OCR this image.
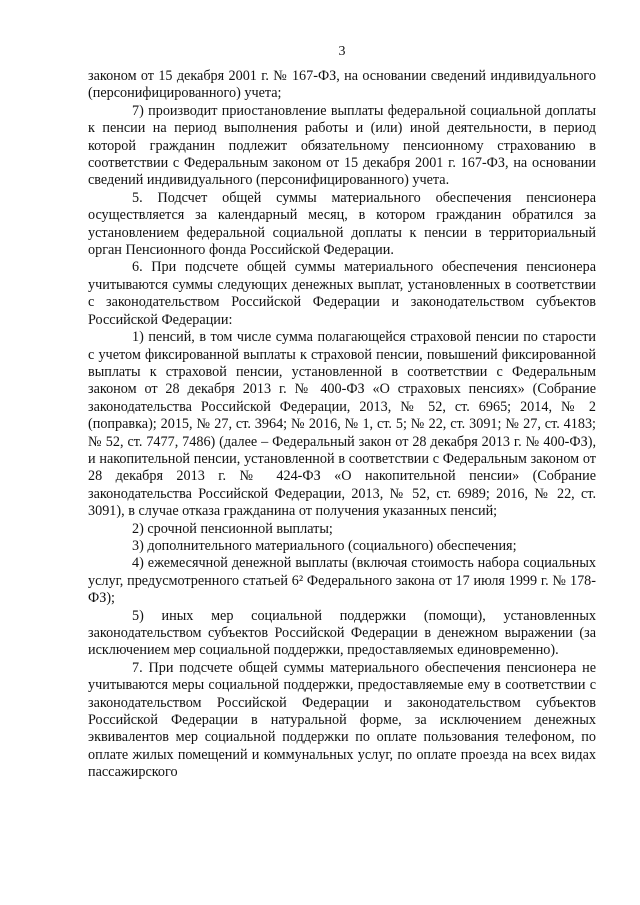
3

законом от 15 декабря 2001 г. № 167-ФЗ, на основании сведений индивидуального (персонифицированного) учета;

7) производит приостановление выплаты федеральной социальной доплаты к пенсии на период выполнения работы и (или) иной деятельности, в период которой гражданин подлежит обязательному пенсионному страхованию в соответствии с Федеральным законом от 15 декабря 2001 г. 167-ФЗ, на основании сведений индивидуального (персонифицированного) учета.

5. Подсчет общей суммы материального обеспечения пенсионера осуществляется за календарный месяц, в котором гражданин обратился за установлением федеральной социальной доплаты к пенсии в территориальный орган Пенсионного фонда Российской Федерации.

6. При подсчете общей суммы материального обеспечения пенсионера учитываются суммы следующих денежных выплат, установленных в соответствии с законодательством Российской Федерации и законодательством субъектов Российской Федерации:

1) пенсий, в том числе сумма полагающейся страховой пенсии по старости с учетом фиксированной выплаты к страховой пенсии, повышений фиксированной выплаты к страховой пенсии, установленной в соответствии с Федеральным законом от 28 декабря 2013 г. № 400-ФЗ «О страховых пенсиях» (Собрание законодательства Российской Федерации, 2013, № 52, ст. 6965; 2014, № 2 (поправка); 2015, № 27, ст. 3964; № 2016, № 1, ст. 5; № 22, ст. 3091; № 27, ст. 4183; № 52, ст. 7477, 7486) (далее – Федеральный закон от 28 декабря 2013 г. № 400-ФЗ), и накопительной пенсии, установленной в соответствии с Федеральным законом от 28 декабря 2013 г. № 424-ФЗ «О накопительной пенсии» (Собрание законодательства Российской Федерации, 2013, № 52, ст. 6989; 2016, № 22, ст. 3091), в случае отказа гражданина от получения указанных пенсий;

2) срочной пенсионной выплаты;

3) дополнительного материального (социального) обеспечения;

4) ежемесячной денежной выплаты (включая стоимость набора социальных услуг, предусмотренного статьей 6² Федерального закона от 17 июля 1999 г. № 178-ФЗ);

5) иных мер социальной поддержки (помощи), установленных законодательством субъектов Российской Федерации в денежном выражении (за исключением мер социальной поддержки, предоставляемых единовременно).

7. При подсчете общей суммы материального обеспечения пенсионера не учитываются меры социальной поддержки, предоставляемые ему в соответствии с законодательством Российской Федерации и законодательством субъектов Российской Федерации в натуральной форме, за исключением денежных эквивалентов мер социальной поддержки по оплате пользования телефоном, по оплате жилых помещений и коммунальных услуг, по оплате проезда на всех видах пассажирского
